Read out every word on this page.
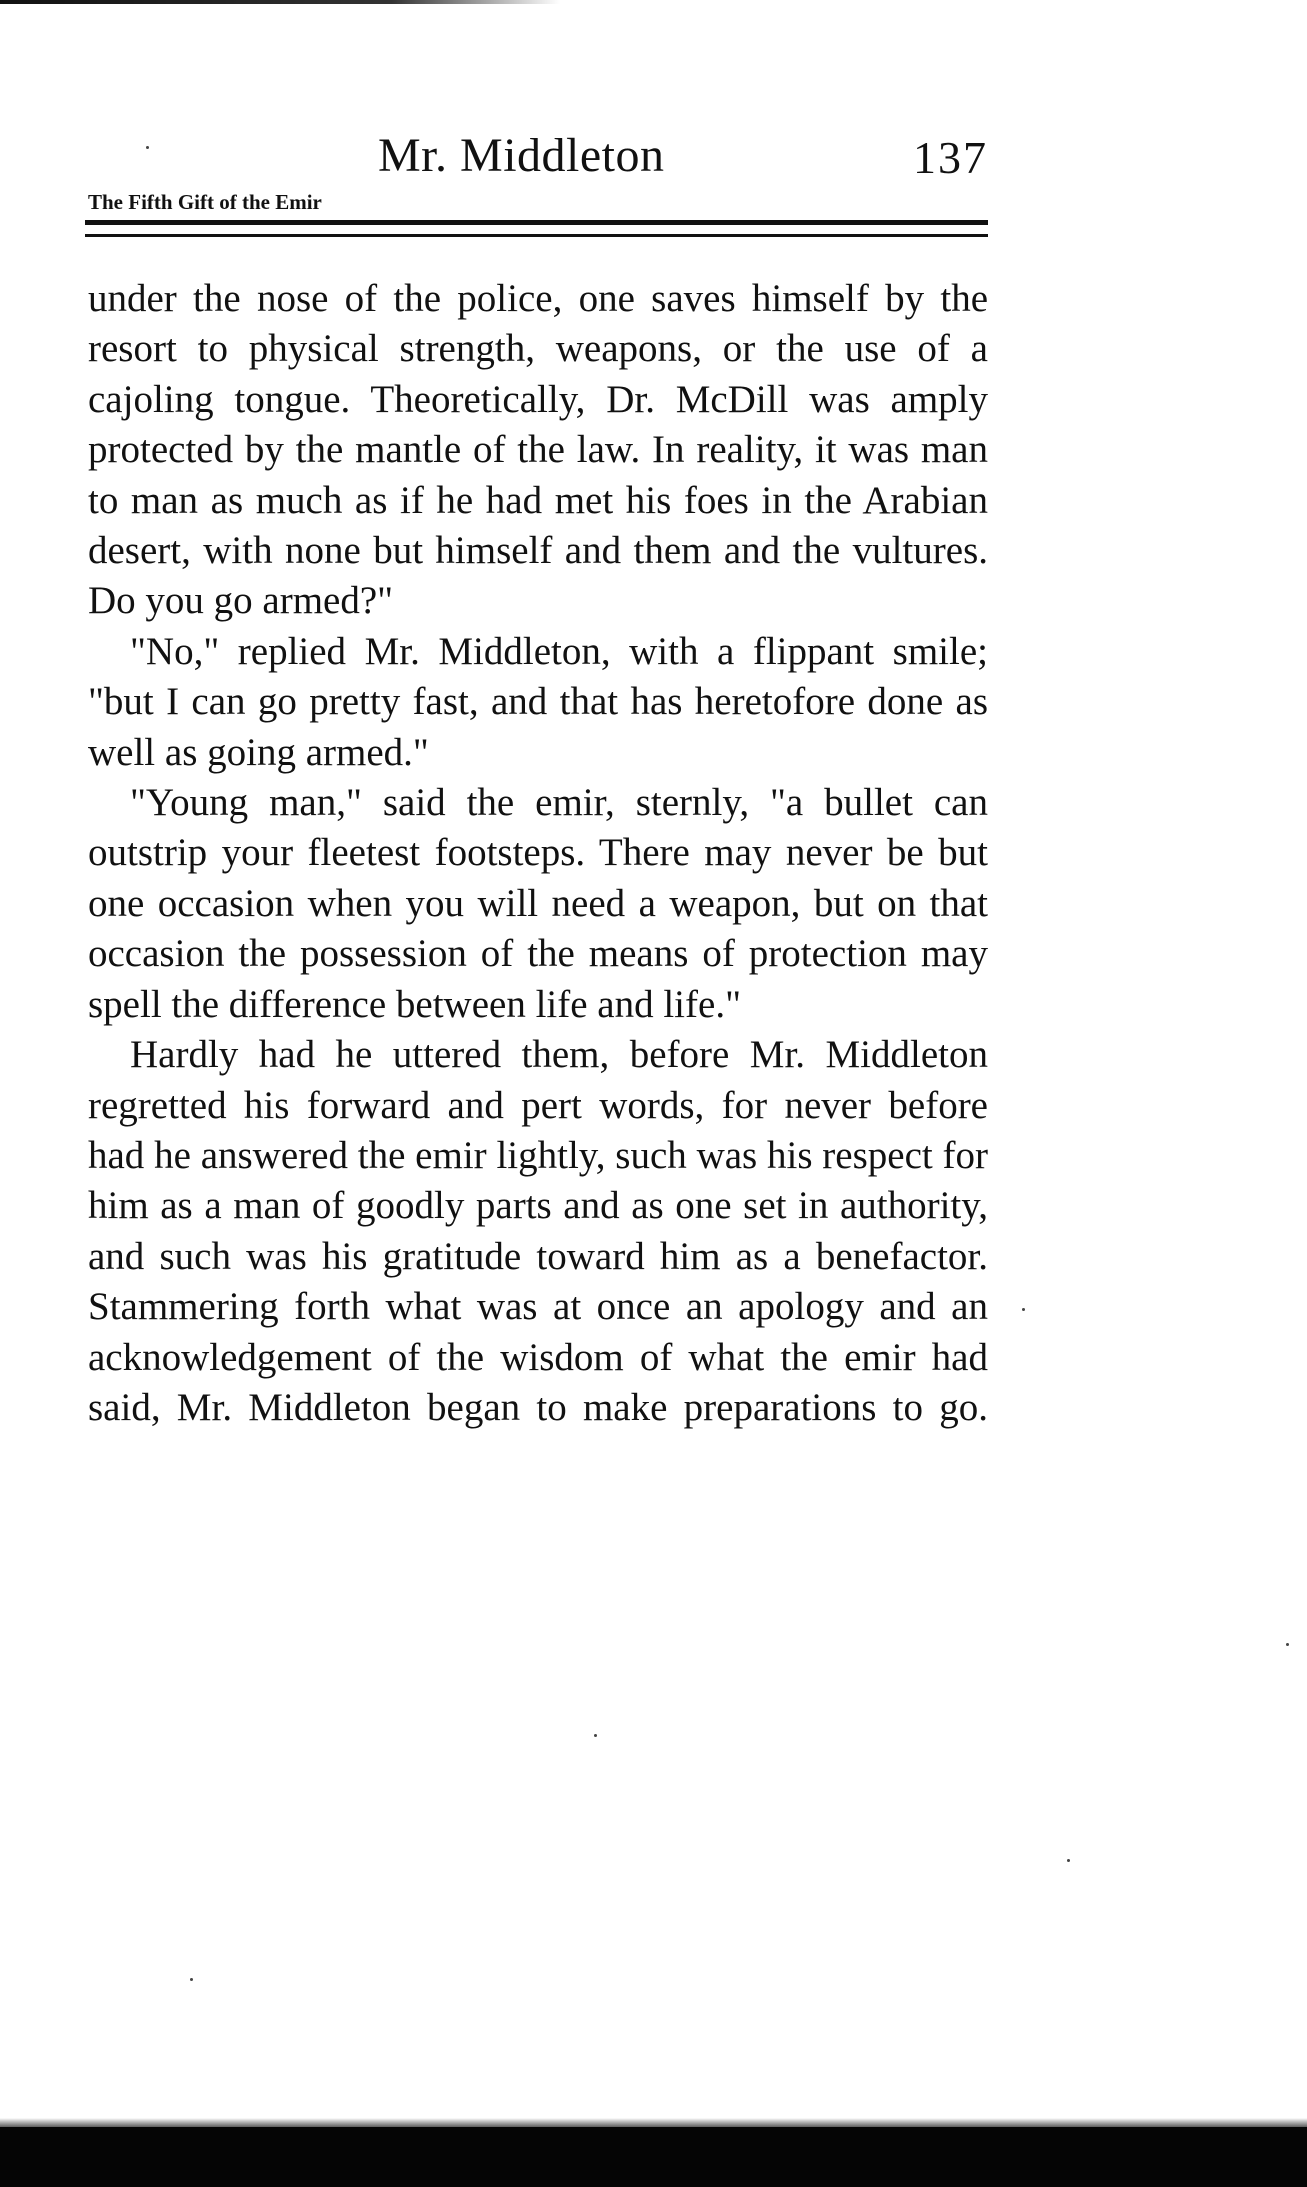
Mr. Middleton	137
The Fifth Gift of the Emir

under the nose of the police, one saves himself by the resort to physical strength, weapons, or the use of a cajoling tongue. Theoretically, Dr. McDill was amply protected by the mantle of the law. In reality, it was man to man as much as if he had met his foes in the Arabian desert, with none but himself and them and the vultures. Do you go armed?"

"No," replied Mr. Middleton, with a flippant smile; "but I can go pretty fast, and that has heretofore done as well as going armed."

"Young man," said the emir, sternly, "a bullet can outstrip your fleetest footsteps. There may never be but one occasion when you will need a weapon, but on that occasion the possession of the means of protection may spell the difference between life and life."

Hardly had he uttered them, before Mr. Middleton regretted his forward and pert words, for never before had he answered the emir lightly, such was his respect for him as a man of goodly parts and as one set in authority, and such was his gratitude toward him as a benefactor. Stammering forth what was at once an apology and an acknowledgement of the wisdom of what the emir had said, Mr. Middleton began to make preparations to go.
